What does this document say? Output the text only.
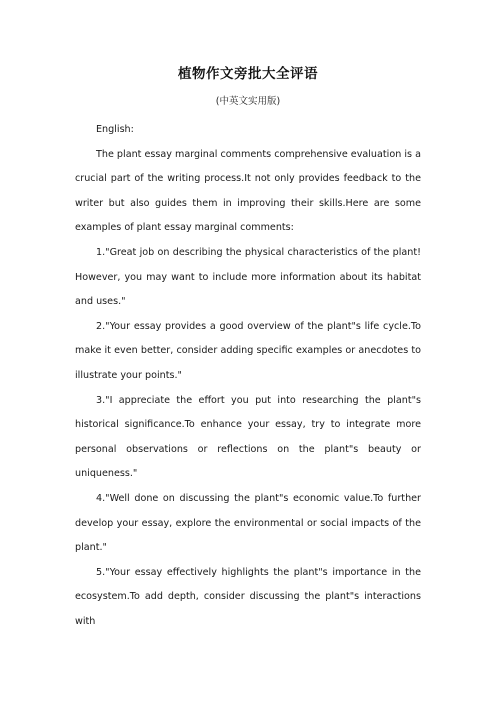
植物作文旁批大全评语
(中英文实用版)

English:

The plant essay marginal comments comprehensive evaluation is a crucial part of the writing process.It not only provides feedback to the writer but also guides them in improving their skills.Here are some examples of plant essay marginal comments:

1."Great job on describing the physical characteristics of the plant! However, you may want to include more information about its habitat and uses."

2."Your essay provides a good overview of the plant"s life cycle.To make it even better, consider adding specific examples or anecdotes to illustrate your points."

3."I appreciate the effort you put into researching the plant"s historical significance.To enhance your essay, try to integrate more personal observations or reflections on the plant"s beauty or uniqueness."

4."Well done on discussing the plant"s economic value.To further develop your essay, explore the environmental or social impacts of the plant."

5."Your essay effectively highlights the plant"s importance in the ecosystem.To add depth, consider discussing the plant"s interactions with
